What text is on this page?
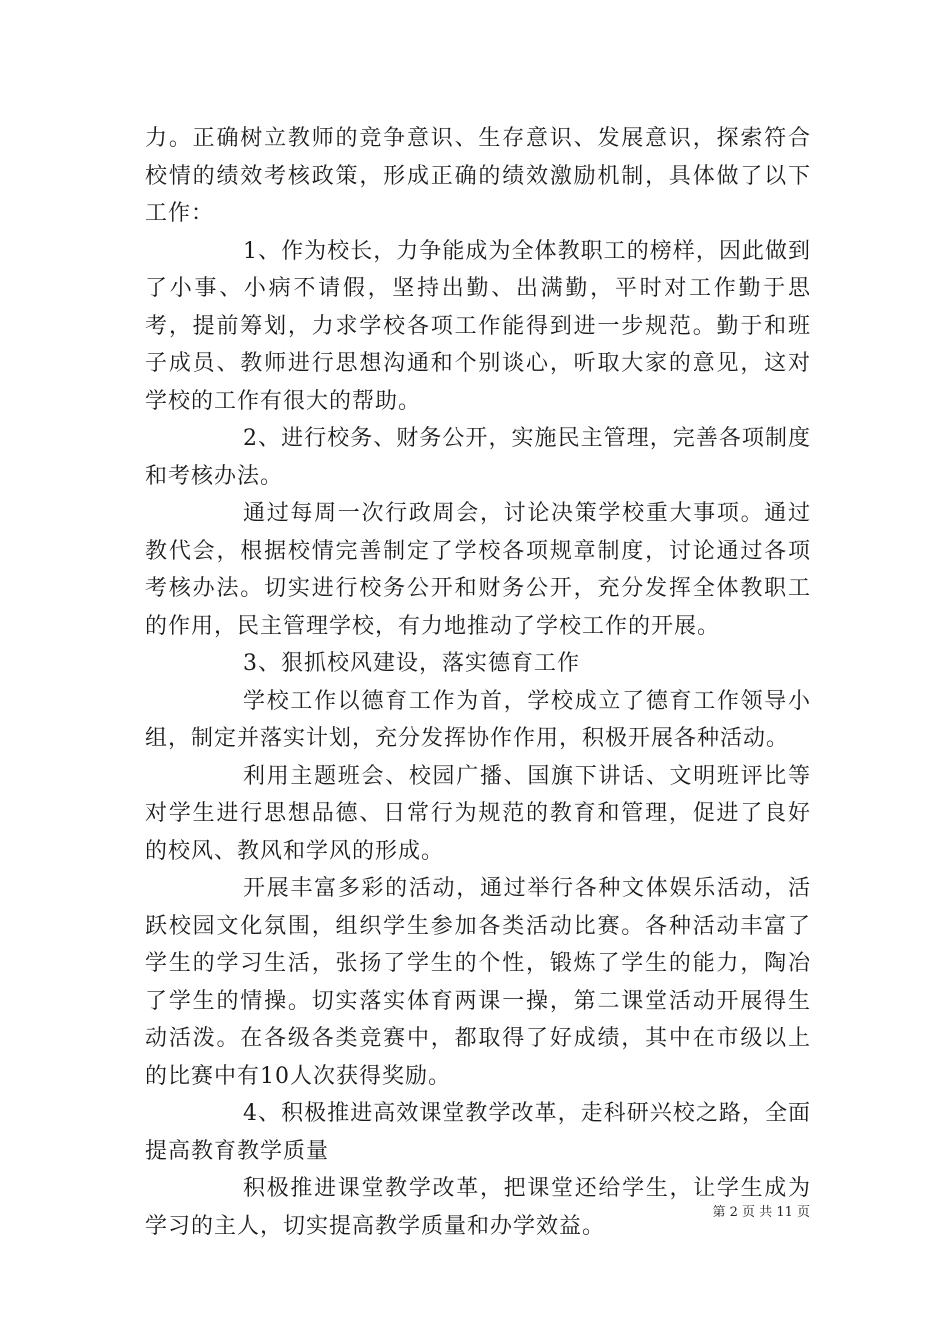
力。正确树立教师的竞争意识、生存意识、发展意识，探索符合校情的绩效考核政策，形成正确的绩效激励机制，具体做了以下工作：

1、作为校长，力争能成为全体教职工的榜样，因此做到了小事、小病不请假，坚持出勤、出满勤，平时对工作勤于思考，提前筹划，力求学校各项工作能得到进一步规范。勤于和班子成员、教师进行思想沟通和个别谈心，听取大家的意见，这对学校的工作有很大的帮助。

2、进行校务、财务公开，实施民主管理，完善各项制度和考核办法。

通过每周一次行政周会，讨论决策学校重大事项。通过教代会，根据校情完善制定了学校各项规章制度，讨论通过各项考核办法。切实进行校务公开和财务公开，充分发挥全体教职工的作用，民主管理学校，有力地推动了学校工作的开展。

3、狠抓校风建设，落实德育工作

学校工作以德育工作为首，学校成立了德育工作领导小组，制定并落实计划，充分发挥协作作用，积极开展各种活动。

利用主题班会、校园广播、国旗下讲话、文明班评比等对学生进行思想品德、日常行为规范的教育和管理，促进了良好的校风、教风和学风的形成。

开展丰富多彩的活动，通过举行各种文体娱乐活动，活跃校园文化氛围，组织学生参加各类活动比赛。各种活动丰富了学生的学习生活，张扬了学生的个性，锻炼了学生的能力，陶冶了学生的情操。切实落实体育两课一操，第二课堂活动开展得生动活泼。在各级各类竞赛中，都取得了好成绩，其中在市级以上的比赛中有10人次获得奖励。

4、积极推进高效课堂教学改革，走科研兴校之路，全面提高教育教学质量

积极推进课堂教学改革，把课堂还给学生，让学生成为学习的主人，切实提高教学质量和办学效益。

第 2 页 共 11 页
